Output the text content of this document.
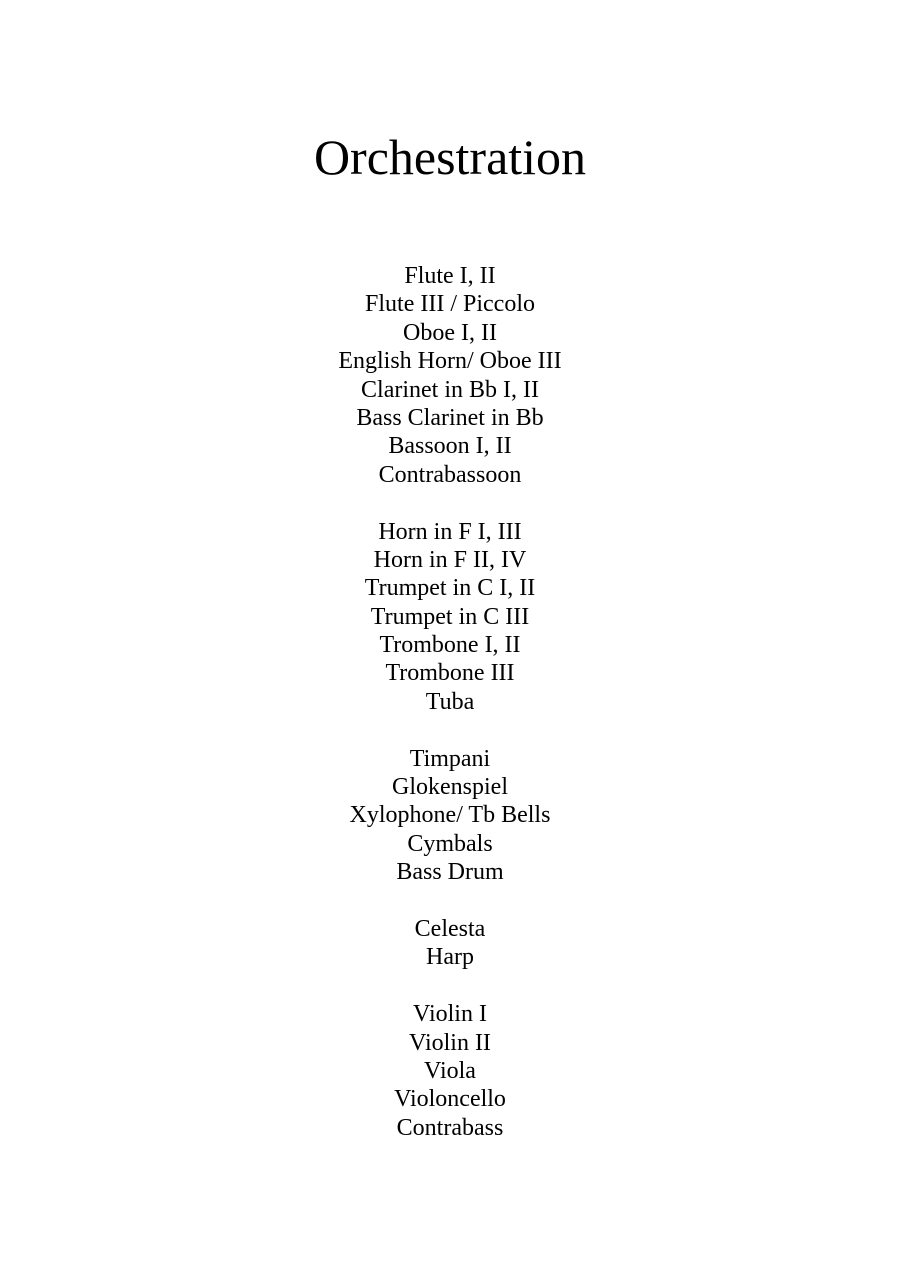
Orchestration
Flute I, II
Flute III / Piccolo
Oboe I, II
English Horn/ Oboe III
Clarinet in Bb I, II
Bass Clarinet in Bb
Bassoon I, II
Contrabassoon
Horn in F I, III
Horn in F II, IV
Trumpet in C I, II
Trumpet in C III
Trombone I, II
Trombone III
Tuba
Timpani
Glokenspiel
Xylophone/ Tb Bells
Cymbals
Bass Drum
Celesta
Harp
Violin I
Violin II
Viola
Violoncello
Contrabass
